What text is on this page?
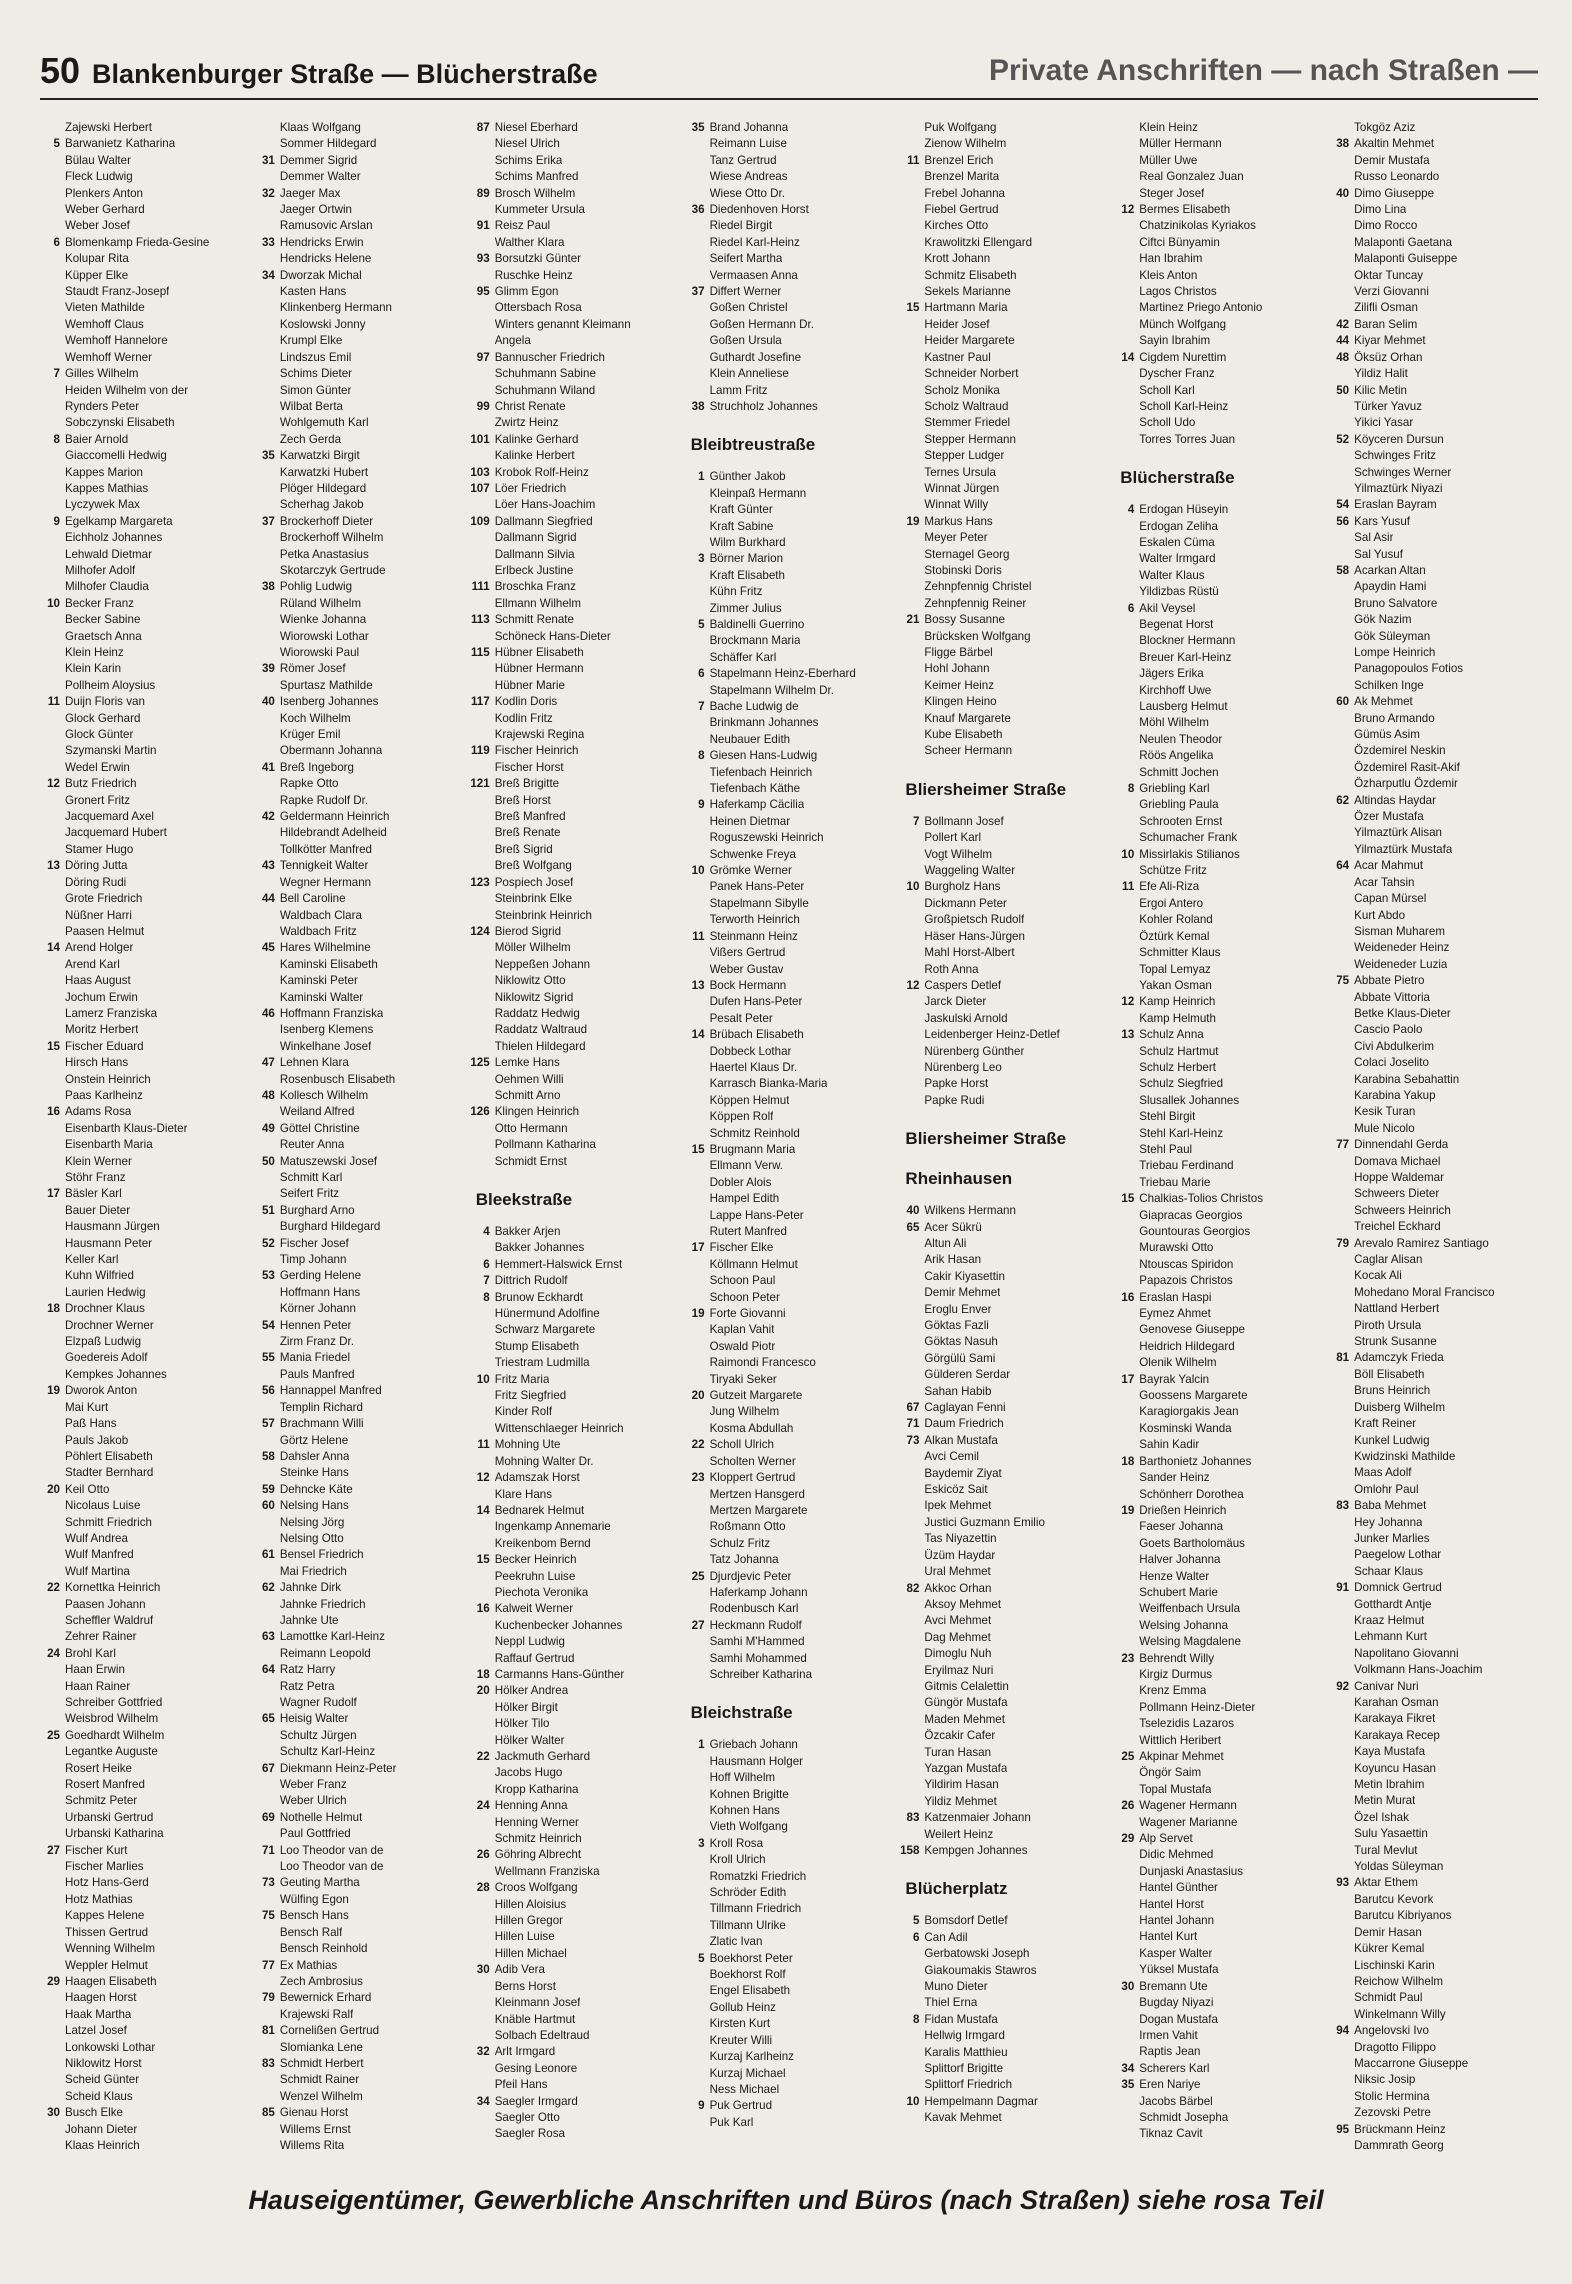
50 Blankenburger Straße — Blücherstraße	Private Anschriften — nach Straßen —
Zajewski Herbert
5 Barwanietz Katharina
Bülau Walter
Fleck Ludwig
Plenkers Anton
Weber Gerhard
Weber Josef
6 Blomenkamp Frieda-Gesine
Kolupar Rita
Küpper Elke
Staudt Franz-Josepf
Vieten Mathilde
Wemhoff Claus
Wemhoff Hannelore
Wemhoff Werner
7 Gilles Wilhelm
Heiden Wilhelm von der
Rynders Peter
Sobczynski Elisabeth
8 Baier Arnold
Giaccomelli Hedwig
Kappes Marion
Kappes Mathias
Lyczywek Max
9 Egelkamp Margareta
Eichholz Johannes
Lehwald Dietmar
Milhofer Adolf
Milhofer Claudia
10 Becker Franz
Becker Sabine
Graetsch Anna
Klein Heinz
Klein Karin
Pollheim Aloysius
11 Duijn Floris van
Glock Gerhard
Glock Günter
Szymanski Martin
Wedel Erwin
12 Butz Friedrich
Gronert Fritz
Jacquemard Axel
Jacquemard Hubert
Stamer Hugo
13 Döring Jutta
Döring Rudi
Grote Friedrich
Nüßner Harri
Paasen Helmut
14 Arend Holger
Arend Karl
Haas August
Jochum Erwin
Lamerz Franziska
Moritz Herbert
15 Fischer Eduard
Hirsch Hans
Onstein Heinrich
Paas Karlheinz
16 Adams Rosa
Eisenbarth Klaus-Dieter
Eisenbarth Maria
Klein Werner
Stöhr Franz
17 Bäsler Karl
Bauer Dieter
Hausmann Jürgen
Hausmann Peter
Keller Karl
Kuhn Wilfried
Laurien Hedwig
18 Drochner Klaus
Drochner Werner
Elzpaß Ludwig
Goedereis Adolf
Kempkes Johannes
19 Dworok Anton
Mai Kurt
Paß Hans
Pauls Jakob
Pöhlert Elisabeth
Stadter Bernhard
20 Keil Otto
Nicolaus Luise
Schmitt Friedrich
Wulf Andrea
Wulf Manfred
Wulf Martina
22 Kornettka Heinrich
Paasen Johann
Scheffler Waldruf
Zehrer Rainer
24 Brohl Karl
Haan Erwin
Haan Rainer
Schreiber Gottfried
Weisbrod Wilhelm
25 Goedhardt Wilhelm
Legantke Auguste
Rosert Heike
Rosert Manfred
Schmitz Peter
Urbanski Gertrud
Urbanski Katharina
27 Fischer Kurt
Fischer Marlies
Hotz Hans-Gerd
Hotz Mathias
Kappes Helene
Thissen Gertrud
Wenning Wilhelm
Weppler Helmut
29 Haagen Elisabeth
Haagen Horst
Haak Martha
Latzel Josef
Lonkowski Lothar
Niklowitz Horst
Scheid Günter
Scheid Klaus
30 Busch Elke
Johann Dieter
Klaas Heinrich
Klaas Wolfgang
Sommer Hildegard
31 Demmer Sigrid
Demmer Walter
32 Jaeger Max
Jaeger Ortwin
Ramusovic Arslan
33 Hendricks Erwin
Hendricks Helene
34 Dworzak Michal
Kasten Hans
Klinkenberg Hermann
Koslowski Jonny
Krumpl Elke
Lindszus Emil
Schims Dieter
Simon Günter
Wilbat Berta
Wohlgemuth Karl
Zech Gerda
35 Karwatzki Birgit
Karwatzki Hubert
Plöger Hildegard
Scherhag Jakob
37 Brockerhoff Dieter
Brockerhoff Wilhelm
Petka Anastasius
Skotarczyk Gertrude
38 Pohlig Ludwig
Rüland Wilhelm
Wienke Johanna
Wiorowski Lothar
Wiorowski Paul
39 Römer Josef
Spurtasz Mathilde
40 Isenberg Johannes
Koch Wilhelm
Krüger Emil
Obermann Johanna
41 Breß Ingeborg
Rapke Otto
Rapke Rudolf Dr.
42 Geldermann Heinrich
Hildebrandt Adelheid
Tollkötter Manfred
43 Tennigkeit Walter
Wegner Hermann
44 Bell Caroline
Waldbach Clara
Waldbach Fritz
45 Hares Wilhelmine
Kaminski Elisabeth
Kaminski Peter
Kaminski Walter
46 Hoffmann Franziska
Isenberg Klemens
Winkelhane Josef
47 Lehnen Klara
Rosenbusch Elisabeth
48 Kollesch Wilhelm
Weiland Alfred
49 Göttel Christine
Reuter Anna
50 Matuszewski Josef
Schmitt Karl
Seifert Fritz
51 Burghard Arno
Burghard Hildegard
52 Fischer Josef
Timp Johann
53 Gerding Helene
Hoffmann Hans
Körner Johann
54 Hennen Peter
Zirm Franz Dr.
55 Mania Friedel
Pauls Manfred
56 Hannappel Manfred
Templin Richard
57 Brachmann Willi
Görtz Helene
58 Dahsler Anna
Steinke Hans
59 Dehncke Käte
60 Nelsing Hans
Nelsing Jörg
Nelsing Otto
61 Bensel Friedrich
Mai Friedrich
62 Jahnke Dirk
Jahnke Friedrich
Jahnke Ute
63 Lamottke Karl-Heinz
Reimann Leopold
64 Ratz Harry
Ratz Petra
Wagner Rudolf
65 Heisig Walter
Schultz Jürgen
Schultz Karl-Heinz
67 Diekmann Heinz-Peter
Weber Franz
Weber Ulrich
69 Nothelle Helmut
Paul Gottfried
71 Loo Theodor van de
Loo Theodor van de
73 Geuting Martha
Wülfing Egon
75 Bensch Hans
Bensch Ralf
Bensch Reinhold
77 Ex Mathias
Zech Ambrosius
79 Bewernick Erhard
Krajewski Ralf
81 Cornelißen Gertrud
Slomianka Lene
83 Schmidt Herbert
Schmidt Rainer
Wenzel Wilhelm
85 Gienau Horst
Willems Ernst
Willems Rita
87 Niesel Eberhard
Niesel Ulrich
Schims Erika
Schims Manfred
89 Brosch Wilhelm
Kummeter Ursula
91 Reisz Paul
Walther Klara
93 Borsutzki Günter
Ruschke Heinz
95 Glimm Egon
Ottersbach Rosa
Winters genannt Kleimann
Angela
97 Bannuscher Friedrich
Schuhmann Sabine
Schuhmann Wiland
99 Christ Renate
Zwirtz Heinz
101 Kalinke Gerhard
Kalinke Herbert
103 Krobok Rolf-Heinz
107 Löer Friedrich
Löer Hans-Joachim
109 Dallmann Siegfried
Dallmann Sigrid
Dallmann Silvia
Erlbeck Justine
111 Broschka Franz
Ellmann Wilhelm
113 Schmitt Renate
Schöneck Hans-Dieter
115 Hübner Elisabeth
Hübner Hermann
Hübner Marie
117 Kodlin Doris
Kodlin Fritz
Krajewski Regina
119 Fischer Heinrich
Fischer Horst
121 Breß Brigitte
Breß Horst
Breß Manfred
Breß Renate
Breß Sigrid
Breß Wolfgang
123 Pospiech Josef
Steinbrink Elke
Steinbrink Heinrich
124 Bierod Sigrid
Möller Wilhelm
Neppeßen Johann
Niklowitz Otto
Niklowitz Sigrid
Raddatz Hedwig
Raddatz Waltraud
Thielen Hildegard
125 Lemke Hans
Oehmen Willi
Schmitt Arno
126 Klingen Heinrich
Otto Hermann
Pollmann Katharina
Schmidt Ernst
Bleekstraße
4 Bakker Arjen
Bakker Johannes
6 Hemmert-Halswick Ernst
7 Dittrich Rudolf
8 Brunow Eckhardt
Hünermund Adolfine
Schwarz Margarete
Stump Elisabeth
Triestram Ludmilla
10 Fritz Maria
Fritz Siegfried
Kinder Rolf
Wittenschlaeger Heinrich
11 Mohning Ute
Mohning Walter Dr.
12 Adamszak Horst
Klare Hans
14 Bednarek Helmut
Ingenkamp Annemarie
Kreikenbom Bernd
15 Becker Heinrich
Peekruhn Luise
Piechota Veronika
16 Kalweit Werner
Kuchenbecker Johannes
Neppl Ludwig
Raffauf Gertrud
18 Carmanns Hans-Günther
20 Hölker Andrea
Hölker Birgit
Hölker Tilo
Hölker Walter
22 Jackmuth Gerhard
Jacobs Hugo
Kropp Katharina
24 Henning Anna
Henning Werner
Schmitz Heinrich
26 Göhring Albrecht
Wellmann Franziska
28 Croos Wolfgang
Hillen Aloisius
Hillen Gregor
Hillen Luise
Hillen Michael
30 Adib Vera
Berns Horst
Kleinmann Josef
Knäble Hartmut
Solbach Edeltraud
32 Arlt Irmgard
Gesing Leonore
Pfeil Hans
34 Saegler Irmgard
Saegler Otto
Saegler Rosa
35 Brand Johanna
Reimann Luise
Tanz Gertrud
Wiese Andreas
Wiese Otto Dr.
36 Diedenhoven Horst
Riedel Birgit
Riedel Karl-Heinz
Seifert Martha
Vermaasen Anna
37 Differt Werner
Goßen Christel
Goßen Hermann Dr.
Goßen Ursula
Guthardt Josefine
Klein Anneliese
Lamm Fritz
38 Struchholz Johannes
Bleibtreustraße
1 Günther Jakob
Kleinpaß Hermann
Kraft Günter
Kraft Sabine
Wilm Burkhard
3 Börner Marion
Kraft Elisabeth
Kühn Fritz
Zimmer Julius
5 Baldinelli Guerrino
Brockmann Maria
Schäffer Karl
6 Stapelmann Heinz-Eberhard
Stapelmann Wilhelm Dr.
7 Bache Ludwig de
Brinkmann Johannes
Neubauer Edith
8 Giesen Hans-Ludwig
Tiefenbach Heinrich
Tiefenbach Käthe
9 Haferkamp Cäcilia
Heinen Dietmar
Roguszewski Heinrich
Schwenke Freya
10 Grömke Werner
Panek Hans-Peter
Stapelmann Sibylle
Terworth Heinrich
11 Steinmann Heinz
Vißers Gertrud
Weber Gustav
13 Bock Hermann
Dufen Hans-Peter
Pesalt Peter
14 Brübach Elisabeth
Dobbeck Lothar
Haertel Klaus Dr.
Karrasch Bianka-Maria
Köppen Helmut
Köppen Rolf
Schmitz Reinhold
15 Brugmann Maria
Ellmann Verw.
Dobler Alois
Hampel Edith
Lappe Hans-Peter
Rutert Manfred
17 Fischer Elke
Köllmann Helmut
Schoon Paul
Schoon Peter
19 Forte Giovanni
Kaplan Vahit
Oswald Piotr
Raimondi Francesco
Tiryaki Seker
20 Gutzeit Margarete
Jung Wilhelm
Kosma Abdullah
22 Scholl Ulrich
Scholten Werner
23 Kloppert Gertrud
Mertzen Hansgerd
Mertzen Margarete
Roßmann Otto
Schulz Fritz
Tatz Johanna
25 Djurdjevic Peter
Haferkamp Johann
Rodenbusch Karl
27 Heckmann Rudolf
Samhi M'Hammed
Samhi Mohammed
Schreiber Katharina
Bleichstraße
1 Griebach Johann
Hausmann Holger
Hoff Wilhelm
Kohnen Brigitte
Kohnen Hans
Vieth Wolfgang
3 Kroll Rosa
Kroll Ulrich
Romatzki Friedrich
Schröder Edith
Tillmann Friedrich
Tillmann Ulrike
Zlatic Ivan
5 Boekhorst Peter
Boekhorst Rolf
Engel Elisabeth
Gollub Heinz
Kirsten Kurt
Kreuter Willi
Kurzaj Karlheinz
Kurzaj Michael
Ness Michael
9 Puk Gertrud
Puk Karl
Puk Wolfgang
Zienow Wilhelm
11 Brenzel Erich
Brenzel Marita
Frebel Johanna
Fiebel Gertrud
Kirches Otto
Krawolitzki Ellengard
Krott Johann
Schmitz Elisabeth
Sekels Marianne
15 Hartmann Maria
Heider Josef
Heider Margarete
Kastner Paul
Schneider Norbert
Scholz Monika
Scholz Waltraud
Stemmer Friedel
Stepper Hermann
Stepper Ludger
Ternes Ursula
Winnat Jürgen
Winnat Willy
19 Markus Hans
Meyer Peter
Sternagel Georg
Stobinski Doris
Zehnpfennig Christel
Zehnpfennig Reiner
21 Bossy Susanne
Brücksken Wolfgang
Fligge Bärbel
Hohl Johann
Keimer Heinz
Klingen Heino
Knauf Margarete
Kube Elisabeth
Scheer Hermann
Bliersheimer Straße
7 Bollmann Josef
Pollert Karl
Vogt Wilhelm
Waggeling Walter
10 Burgholz Hans
Dickmann Peter
Großpietsch Rudolf
Häser Hans-Jürgen
Mahl Horst-Albert
Roth Anna
12 Caspers Detlef
Jarck Dieter
Jaskulski Arnold
Leidenberger Heinz-Detlef
Nürenberg Günther
Nürenberg Leo
Papke Horst
Papke Rudi
Bliersheimer Straße
Rheinhausen
40 Wilkens Hermann
65 Acer Sükrü
Altun Ali
Arik Hasan
Cakir Kiyasettin
Demir Mehmet
Eroglu Enver
Göktas Fazli
Göktas Nasuh
Görgülü Sami
Gülderen Serdar
Sahan Habib
67 Caglayan Fenni
71 Daum Friedrich
73 Alkan Mustafa
Avci Cemil
Baydemir Ziyat
Eskicöz Sait
Ipek Mehmet
Justici Guzmann Emilio
Tas Niyazettin
Üzüm Haydar
Ural Mehmet
82 Akkoc Orhan
Aksoy Mehmet
Avci Mehmet
Dag Mehmet
Dimoglu Nuh
Eryilmaz Nuri
Gitmis Celalettin
Güngör Mustafa
Maden Mehmet
Özcakir Cafer
Turan Hasan
Yazgan Mustafa
Yildirim Hasan
Yildiz Mehmet
83 Katzenmaier Johann
Weilert Heinz
158 Kempgen Johannes
Blücherplatz
5 Bomsdorf Detlef
6 Can Adil
Gerbatowski Joseph
Giakoumakis Stawros
Muno Dieter
Thiel Erna
8 Fidan Mustafa
Hellwig Irmgard
Karalis Matthieu
Splittorf Brigitte
Splittorf Friedrich
10 Hempelmann Dagmar
Kavak Mehmet
Klein Heinz
Müller Hermann
Müller Uwe
Real Gonzalez Juan
Steger Josef
12 Bermes Elisabeth
Chatzinikolas Kyriakos
Ciftci Bünyamin
Han Ibrahim
Kleis Anton
Lagos Christos
Martinez Priego Antonio
Münch Wolfgang
Sayin Ibrahim
14 Cigdem Nurettim
Dyscher Franz
Scholl Karl
Scholl Karl-Heinz
Scholl Udo
Torres Torres Juan
Blücherstraße
4 Erdogan Hüseyin
Erdogan Zeliha
Eskalen Cüma
Walter Irmgard
Walter Klaus
Yildizbas Rüstü
6 Akil Veysel
Begenat Horst
Blockner Hermann
Breuer Karl-Heinz
Jägers Erika
Kirchhoff Uwe
Lausberg Helmut
Möhl Wilhelm
Neulen Theodor
Röös Angelika
Schmitt Jochen
8 Griebling Karl
Griebling Paula
Schrooten Ernst
Schumacher Frank
10 Missirlakis Stilianos
Schütze Fritz
11 Efe Ali-Riza
Ergoi Antero
Kohler Roland
Öztürk Kemal
Schmitter Klaus
Topal Lemyaz
Yakan Osman
12 Kamp Heinrich
Kamp Helmuth
13 Schulz Anna
Schulz Hartmut
Schulz Herbert
Schulz Siegfried
Slusallek Johannes
Stehl Birgit
Stehl Karl-Heinz
Stehl Paul
Triebau Ferdinand
Triebau Marie
15 Chalkias-Tolios Christos
Giapracas Georgios
Gountouras Georgios
Murawski Otto
Ntouscas Spiridon
Papazois Christos
16 Eraslan Haspi
Eymez Ahmet
Genovese Giuseppe
Heidrich Hildegard
Olenik Wilhelm
17 Bayrak Yalcin
Goossens Margarete
Karagiorgakis Jean
Kosminski Wanda
Sahin Kadir
18 Barthonietz Johannes
Sander Heinz
Schönherr Dorothea
19 Drießen Heinrich
Faeser Johanna
Goets Bartholomäus
Halver Johanna
Henze Walter
Schubert Marie
Weiffenbach Ursula
Welsing Johanna
Welsing Magdalene
23 Behrendt Willy
Kirgiz Durmus
Krenz Emma
Pollmann Heinz-Dieter
Tselezidis Lazaros
Wittlich Heribert
25 Akpinar Mehmet
Öngör Saim
Topal Mustafa
26 Wagener Hermann
Wagener Marianne
29 Alp Servet
Didic Mehmed
Dunjaski Anastasius
Hantel Günther
Hantel Horst
Hantel Johann
Hantel Kurt
Kasper Walter
Yüksel Mustafa
30 Bremann Ute
Bugday Niyazi
Dogan Mustafa
Irmen Vahit
Raptis Jean
34 Scherers Karl
35 Eren Nariye
Jacobs Bärbel
Schmidt Josepha
Tiknaz Cavit
Tokgöz Aziz
38 Akaltin Mehmet
Demir Mustafa
Russo Leonardo
40 Dimo Giuseppe
Dimo Lina
Dimo Rocco
Malaponti Gaetana
Malaponti Guiseppe
Oktar Tuncay
Verzi Giovanni
Zilifli Osman
42 Baran Selim
44 Kiyar Mehmet
48 Öksüz Orhan
Yildiz Halit
50 Kilic Metin
Türker Yavuz
Yikici Yasar
52 Köyceren Dursun
Schwinges Fritz
Schwinges Werner
Yilmaztürk Niyazi
54 Eraslan Bayram
56 Kars Yusuf
Sal Asir
Sal Yusuf
58 Acarkan Altan
Apaydin Hami
Bruno Salvatore
Gök Nazim
Gök Süleyman
Lompe Heinrich
Panagopoulos Fotios
Schilken Inge
60 Ak Mehmet
Bruno Armando
Gümüs Asim
Özdemirel Neskin
Özdemirel Rasit-Akif
Özharputlu Özdemir
62 Altindas Haydar
Özer Mustafa
Yilmaztürk Alisan
Yilmaztürk Mustafa
64 Acar Mahmut
Acar Tahsin
Capan Mürsel
Kurt Abdo
Sisman Muharem
Weideneder Heinz
Weideneder Luzia
75 Abbate Pietro
Abbate Vittoria
Betke Klaus-Dieter
Cascio Paolo
Civi Abdulkerim
Colaci Joselito
Karabina Sebahattin
Karabina Yakup
Kesik Turan
Mule Nicolo
77 Dinnendahl Gerda
Domava Michael
Hoppe Waldemar
Schweers Dieter
Schweers Heinrich
Treichel Eckhard
79 Arevalo Ramirez Santiago
Caglar Alisan
Kocak Ali
Mohedano Moral Francisco
Nattland Herbert
Piroth Ursula
Strunk Susanne
81 Adamczyk Frieda
Böll Elisabeth
Bruns Heinrich
Duisberg Wilhelm
Kraft Reiner
Kunkel Ludwig
Kwidzinski Mathilde
Maas Adolf
Omlohr Paul
83 Baba Mehmet
Hey Johanna
Junker Marlies
Paegelow Lothar
Schaar Klaus
91 Domnick Gertrud
Gotthardt Antje
Kraaz Helmut
Lehmann Kurt
Napolitano Giovanni
Volkmann Hans-Joachim
92 Canivar Nuri
Karahan Osman
Karakaya Fikret
Karakaya Recep
Kaya Mustafa
Koyuncu Hasan
Metin Ibrahim
Metin Murat
Özel Ishak
Sulu Yasaettin
Tural Mevlut
Yoldas Süleyman
93 Aktar Ethem
Barutcu Kevork
Barutcu Kibriyanos
Demir Hasan
Kükrer Kemal
Lischinski Karin
Reichow Wilhelm
Schmidt Paul
Winkelmann Willy
94 Angelovski Ivo
Dragotto Filippo
Maccarrone Giuseppe
Niksic Josip
Stolic Hermina
Zezovski Petre
95 Brückmann Heinz
Dammrath Georg
Hauseigentümer, Gewerbliche Anschriften und Büros (nach Straßen) siehe rosa Teil
